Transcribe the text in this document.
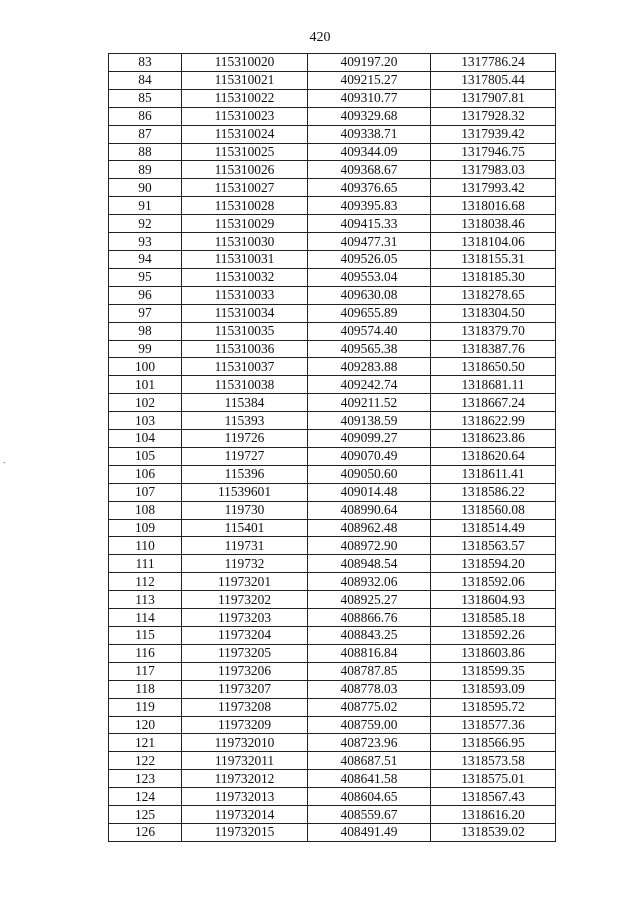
420
-
83	115310020	409197.20	1317786.24
84	115310021	409215.27	1317805.44
85	115310022	409310.77	1317907.81
86	115310023	409329.68	1317928.32
87	115310024	409338.71	1317939.42
88	115310025	409344.09	1317946.75
89	115310026	409368.67	1317983.03
90	115310027	409376.65	1317993.42
91	115310028	409395.83	1318016.68
92	115310029	409415.33	1318038.46
93	115310030	409477.31	1318104.06
94	115310031	409526.05	1318155.31
95	115310032	409553.04	1318185.30
96	115310033	409630.08	1318278.65
97	115310034	409655.89	1318304.50
98	115310035	409574.40	1318379.70
99	115310036	409565.38	1318387.76
100	115310037	409283.88	1318650.50
101	115310038	409242.74	1318681.11
102	115384	409211.52	1318667.24
103	115393	409138.59	1318622.99
104	119726	409099.27	1318623.86
105	119727	409070.49	1318620.64
106	115396	409050.60	1318611.41
107	11539601	409014.48	1318586.22
108	119730	408990.64	1318560.08
109	115401	408962.48	1318514.49
110	119731	408972.90	1318563.57
111	119732	408948.54	1318594.20
112	11973201	408932.06	1318592.06
113	11973202	408925.27	1318604.93
114	11973203	408866.76	1318585.18
115	11973204	408843.25	1318592.26
116	11973205	408816.84	1318603.86
117	11973206	408787.85	1318599.35
118	11973207	408778.03	1318593.09
119	11973208	408775.02	1318595.72
120	11973209	408759.00	1318577.36
121	119732010	408723.96	1318566.95
122	119732011	408687.51	1318573.58
123	119732012	408641.58	1318575.01
124	119732013	408604.65	1318567.43
125	119732014	408559.67	1318616.20
126	119732015	408491.49	1318539.02
